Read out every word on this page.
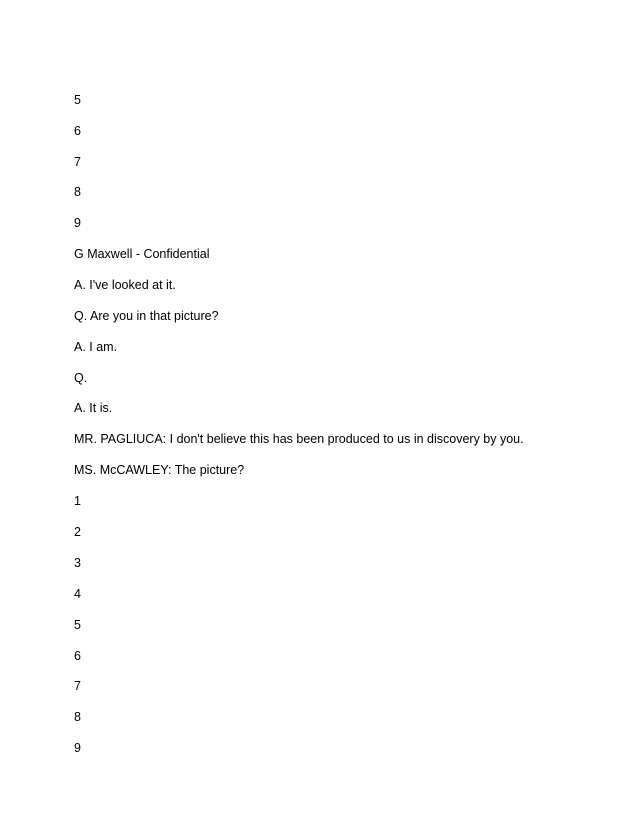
5

6

7

8

9

G Maxwell - Confidential

A. I've looked at it.

Q. Are you in that picture?

A. I am.

Q.

A. It is.

MR. PAGLIUCA: I don't believe this has been produced to us in discovery by you.

MS. McCAWLEY: The picture?

1

2

3

4

5

6

7

8

9
